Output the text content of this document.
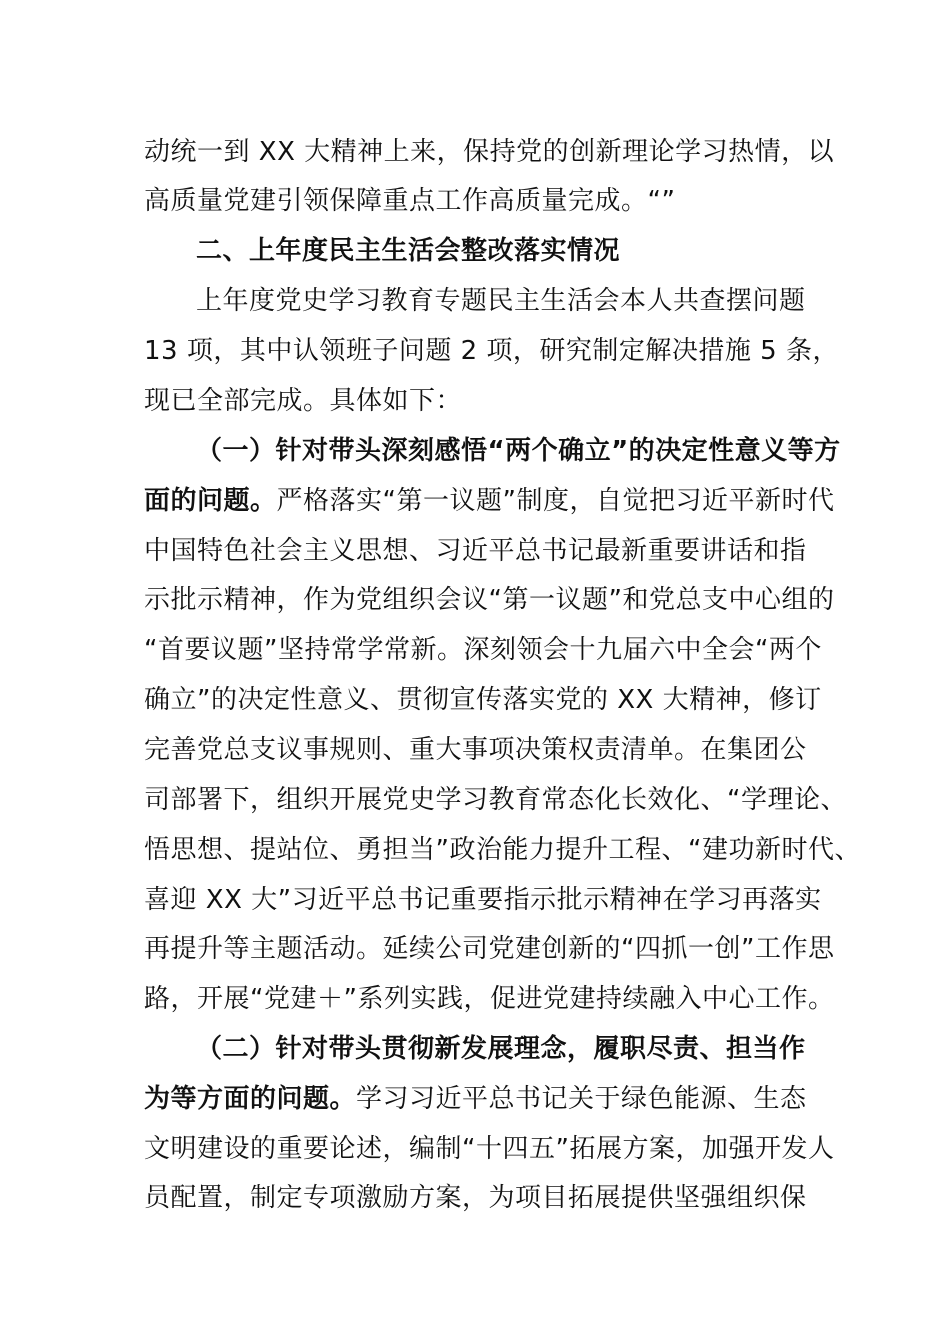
动统一到 XX 大精神上来，保持党的创新理论学习热情，以
高质量党建引领保障重点工作高质量完成。“”
二、上年度民主生活会整改落实情况
上年度党史学习教育专题民主生活会本人共查摆问题
13 项，其中认领班子问题 2 项，研究制定解决措施 5 条，
现已全部完成。具体如下：
（一）针对带头深刻感悟“两个确立”的决定性意义等方
面的问题。严格落实“第一议题”制度，自觉把习近平新时代
中国特色社会主义思想、习近平总书记最新重要讲话和指
示批示精神，作为党组织会议“第一议题”和党总支中心组的
“首要议题”坚持常学常新。深刻领会十九届六中全会“两个
确立”的决定性意义、贯彻宣传落实党的 XX 大精神，修订
完善党总支议事规则、重大事项决策权责清单。在集团公
司部署下，组织开展党史学习教育常态化长效化、“学理论、
悟思想、提站位、勇担当”政治能力提升工程、“建功新时代、
喜迎 XX 大”习近平总书记重要指示批示精神在学习再落实
再提升等主题活动。延续公司党建创新的“四抓一创”工作思
路，开展“党建＋”系列实践，促进党建持续融入中心工作。
（二）针对带头贯彻新发展理念，履职尽责、担当作
为等方面的问题。学习习近平总书记关于绿色能源、生态
文明建设的重要论述，编制“十四五”拓展方案，加强开发人
员配置，制定专项激励方案，为项目拓展提供坚强组织保
